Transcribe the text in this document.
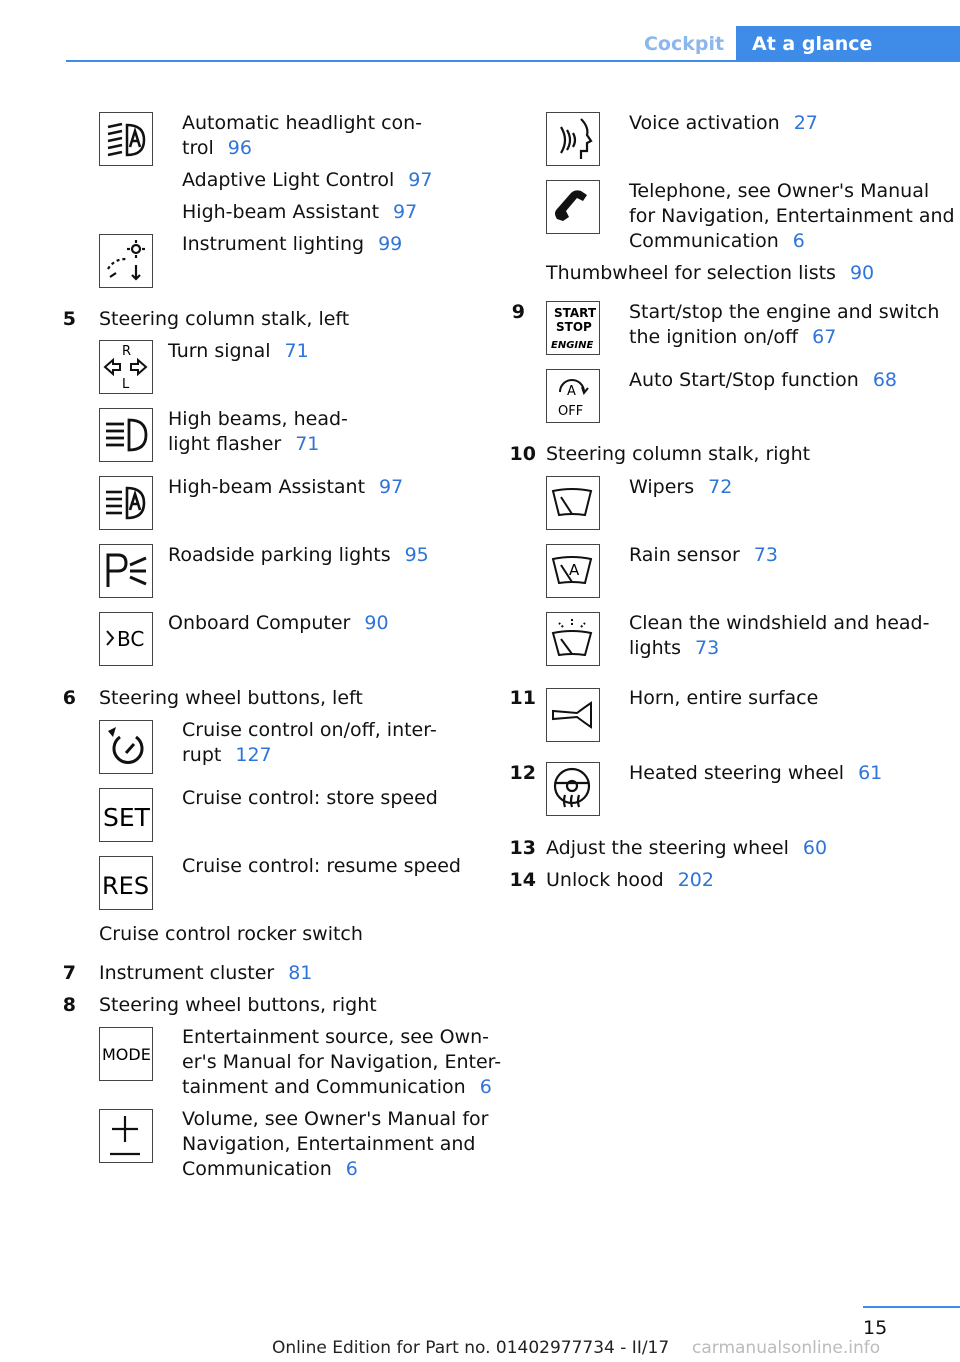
Cockpit	At a glance
Automatic headlight con-
trol 96
Adaptive Light Control 97
High-beam Assistant 97
Instrument lighting 99
5 Steering column stalk, left
R
L
Turn signal 71
High beams, head-
light flasher 71
High-beam Assistant 97
Roadside parking lights 95
BC
Onboard Computer 90
6 Steering wheel buttons, left
Cruise control on/off, inter-
rupt 127
SET
Cruise control: store speed
RES
Cruise control: resume speed
Cruise control rocker switch
7 Instrument cluster 81
8 Steering wheel buttons, right
MODE
Entertainment source, see Own-
er's Manual for Navigation, Enter-
tainment and Communication 6
Volume, see Owner's Manual for
Navigation, Entertainment and
Communication 6
Voice activation 27
Telephone, see Owner's Manual
for Navigation, Entertainment and
Communication 6
Thumbwheel for selection lists 90
9 START
STOP
ENGINE
Start/stop the engine and switch
the ignition on/off 67
A
OFF
Auto Start/Stop function 68
10 Steering column stalk, right
Wipers 72
A
Rain sensor 73
Clean the windshield and head-
lights 73
11	Horn, entire surface
12	Heated steering wheel 61
13 Adjust the steering wheel 60
14 Unlock hood 202
15
Online Edition for Part no. 01402977734 - II/17	carmanualsonline.info
